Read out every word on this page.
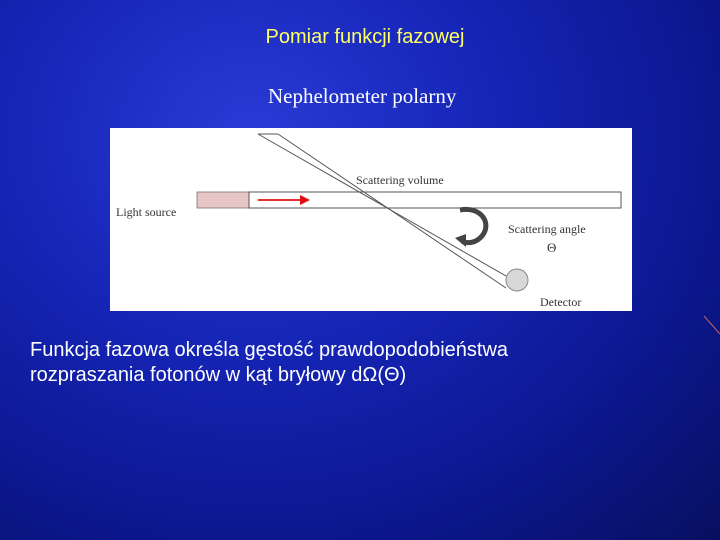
Pomiar funkcji fazowej
Nephelometer polarny
Scattering volume
Light source
Scattering angle
Θ
Detector
Funkcja fazowa określa gęstość prawdopodobieństwa
rozpraszania fotonów w kąt bryłowy dΩ(Θ)
